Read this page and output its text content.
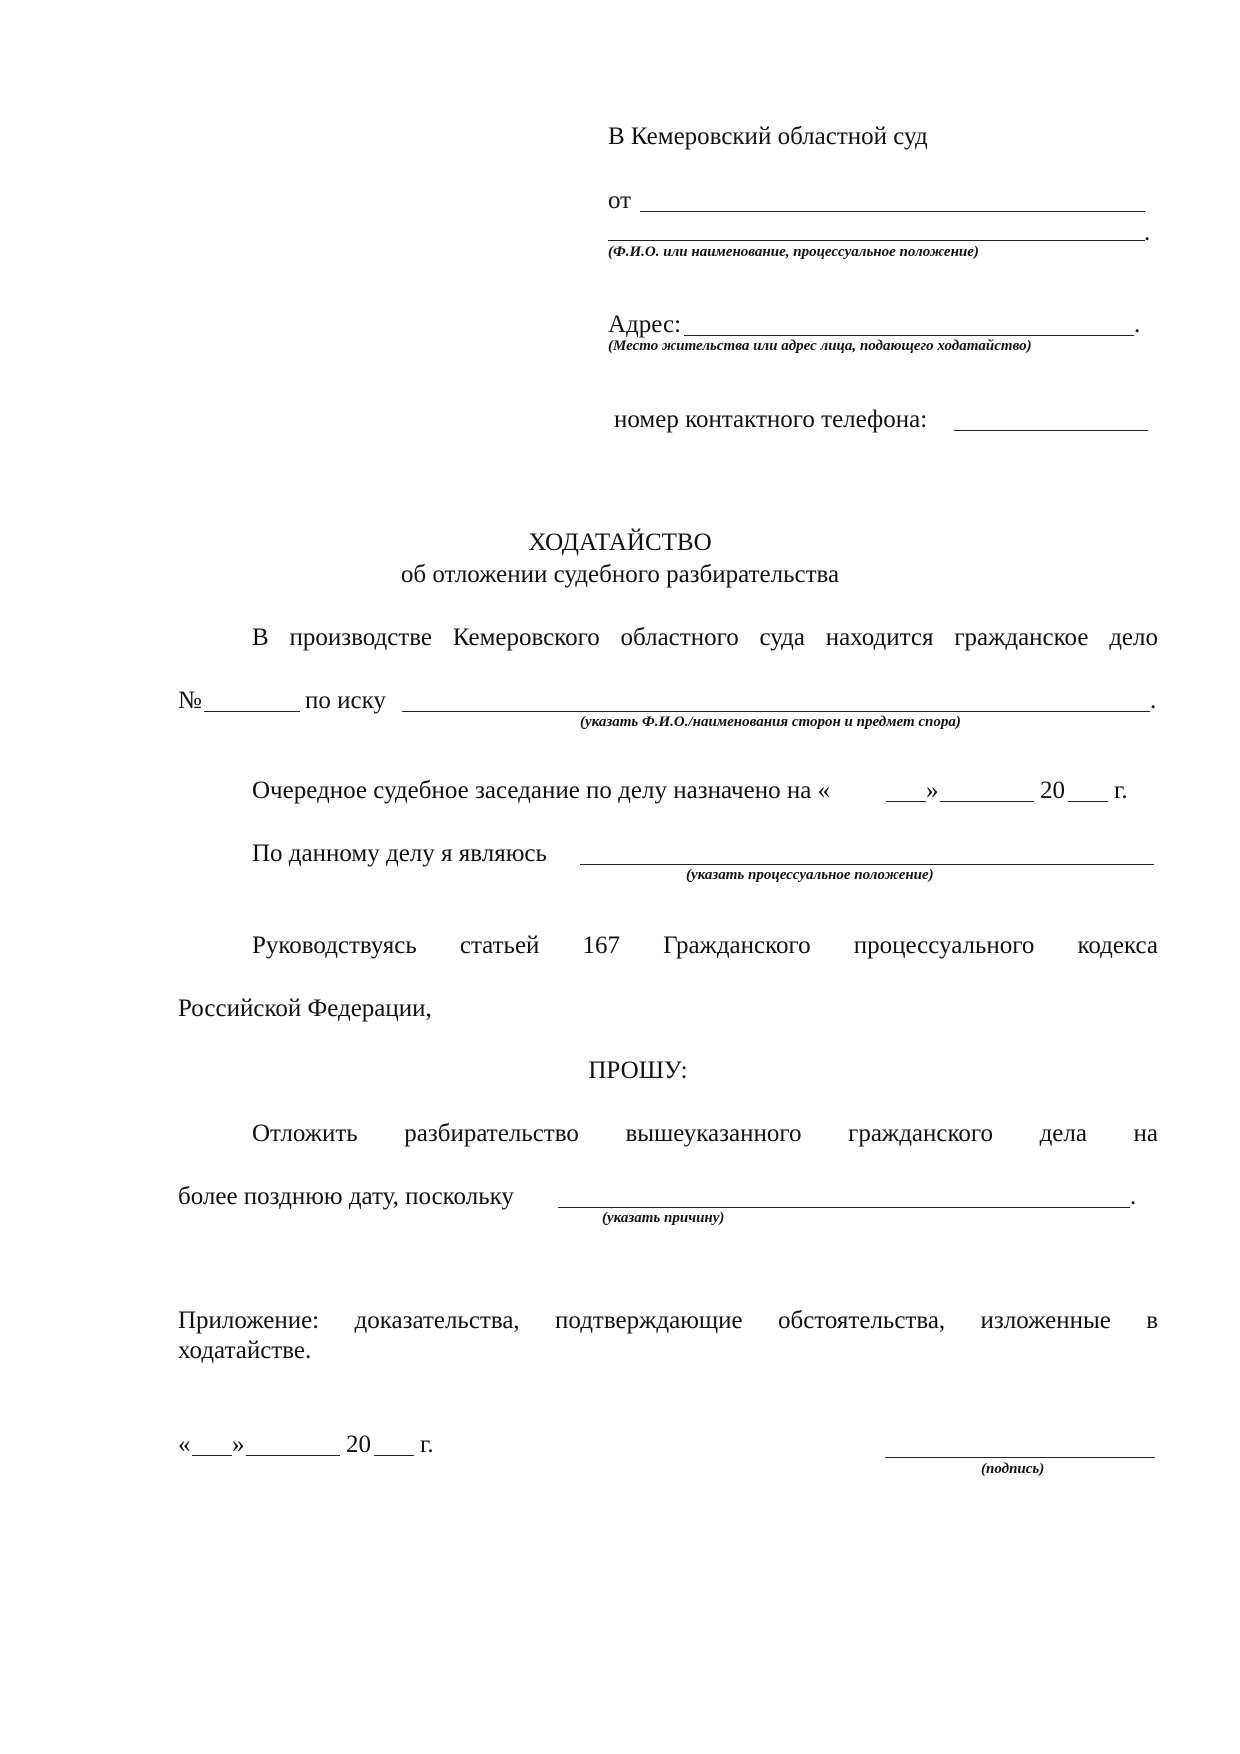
В Кемеровский областной суд
от
.
(Ф.И.О. или наименование, процессуальное положение)
Адрес:	.
(Место жительства или адрес лица, подающего ходатайство)
номер контактного телефона:
ХОДАТАЙСТВО
об отложении судебного разбирательства
В производстве Кемеровского областного суда находится гражданское дело
№	по иску	.
(указать Ф.И.О./наименования сторон и предмет спора)
Очередное судебное заседание по делу назначено на «	»	20 г.
По данному делу я являюсь
(указать процессуальное положение)
Руководствуясь статьей 167 Гражданского процессуального кодекса
Российской Федерации,
ПРОШУ:
Отложить разбирательство вышеуказанного гражданского дела на
более позднюю дату, поскольку	.
(указать причину)
Приложение: доказательства, подтверждающие обстоятельства, изложенные в
ходатайстве.
« »	20 г.
(подпись)
